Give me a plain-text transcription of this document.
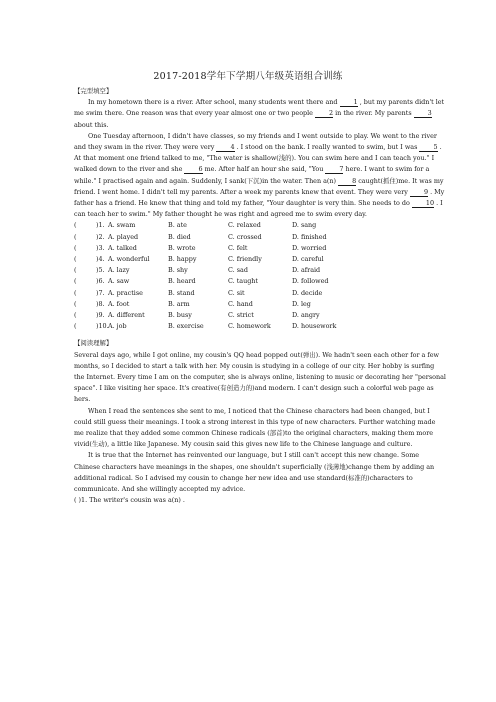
2017-2018学年下学期八年级英语组合训练

【完型填空】

In my hometown there is a river. After school, many students went there and	1 , but my parents didn't let me swim there. One reason was that every year almost one or two people	2 in the river. My parents	3 about this.

One Tuesday afternoon, I didn't have classes, so my friends and I went outside to play. We went to the river and they swam in the river. They were very	4 . I stood on the bank. I really wanted to swim, but I was	5 . At that moment one friend talked to me, "The water is shallow(浅的). You can swim here and I can teach you." I walked down to the river and she	6 me. After half an hour she said, "You	7 here. I want to swim for a while." I practised again and again. Suddenly, I sank(下沉)in the water. Then a(n)	8 caught(抓住)me. It was my friend. I went home. I didn't tell my parents. After a week my parents knew that event. They were very	9 . My father has a friend. He knew that thing and told my father, "Your daughter is very thin. She needs to do	10 . I can teach her to swim." My father thought he was right and agreed me to swim every day.

(	)1. A. swam	B. ate	C. relaxed	D. sang
(	)2. A. played	B. died	C. crossed	D. finished
(	)3. A. talked	B. wrote	C. felt	D. worried
(	)4. A. wonderful	B. happy	C. friendly	D. careful
(	)5. A. lazy	B. shy	C. sad	D. afraid
(	)6. A. saw	B. heard	C. taught	D. followed
(	)7. A. practise	B. stand	C. sit	D. decide
(	)8. A. foot	B. arm	C. hand	D. leg
(	)9. A. different	B. busy	C. strict	D. angry
(	)10. A. job	B. exercise	C. homework	D. housework

【阅读理解】

Several days ago, while I got online, my cousin's QQ head popped out(弹出). We hadn't seen each other for a few months, so I decided to start a talk with her. My cousin is studying in a college of our city. Her hobby is surfing the Internet. Every time I am on the computer, she is always online, listening to music or decorating her "personal space". I like visiting her space. It's creative(有创造力的)and modern. I can't design such a colorful web page as hers.

When I read the sentences she sent to me, I noticed that the Chinese characters had been changed, but I could still guess their meanings. I took a strong interest in this type of new characters. Further watching made me realize that they added some common Chinese radicals (部首)to the original characters, making them more vivid(生动), a little like Japanese. My cousin said this gives new life to the Chinese language and culture.

It is true that the Internet has reinvented our language, but I still can't accept this new change. Some Chinese characters have meanings in the shapes, one shouldn't superficially (浅薄地)change them by adding an additional radical. So I advised my cousin to change her new idea and use standard(标准的)characters to communicate. And she willingly accepted my advice.

( )1. The writer's cousin was a(n) .
